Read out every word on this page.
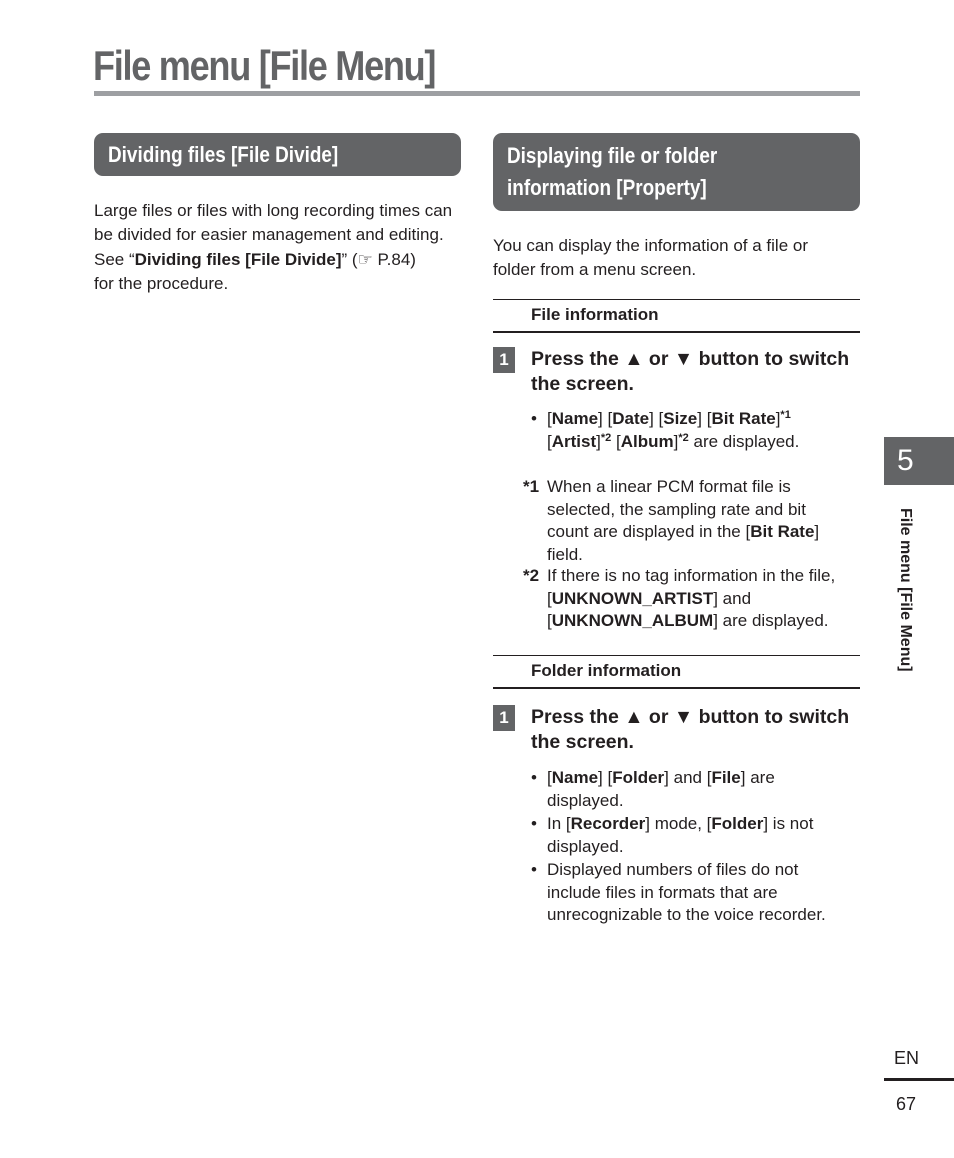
File menu [File Menu]
Dividing files [File Divide]
Large files or files with long recording times can be divided for easier management and editing.
See “Dividing files [File Divide]” (☞ P.84)
for the procedure.
Displaying file or folder
information [Property]
You can display the information of a file or folder from a menu screen.
File information
1	Press the ▲ or ▼ button to switch
the screen.
• [Name] [Date] [Size] [Bit Rate]$^{*1}$
[Artist]$^{*2}$ [Album]$^{*2}$ are displayed.
*1 When a linear PCM format file is selected, the sampling rate and bit count are displayed in the [Bit Rate] field.
*2 If there is no tag information in the file, [UNKNOWN_ARTIST] and [UNKNOWN_ALBUM] are displayed.
Folder information
1	Press the ▲ or ▼ button to switch
the screen.
• [Name] [Folder] and [File] are displayed.
• In [Recorder] mode, [Folder] is not displayed.
• Displayed numbers of files do not include files in formats that are unrecognizable to the voice recorder.
5
File menu [File Menu]
EN
67
